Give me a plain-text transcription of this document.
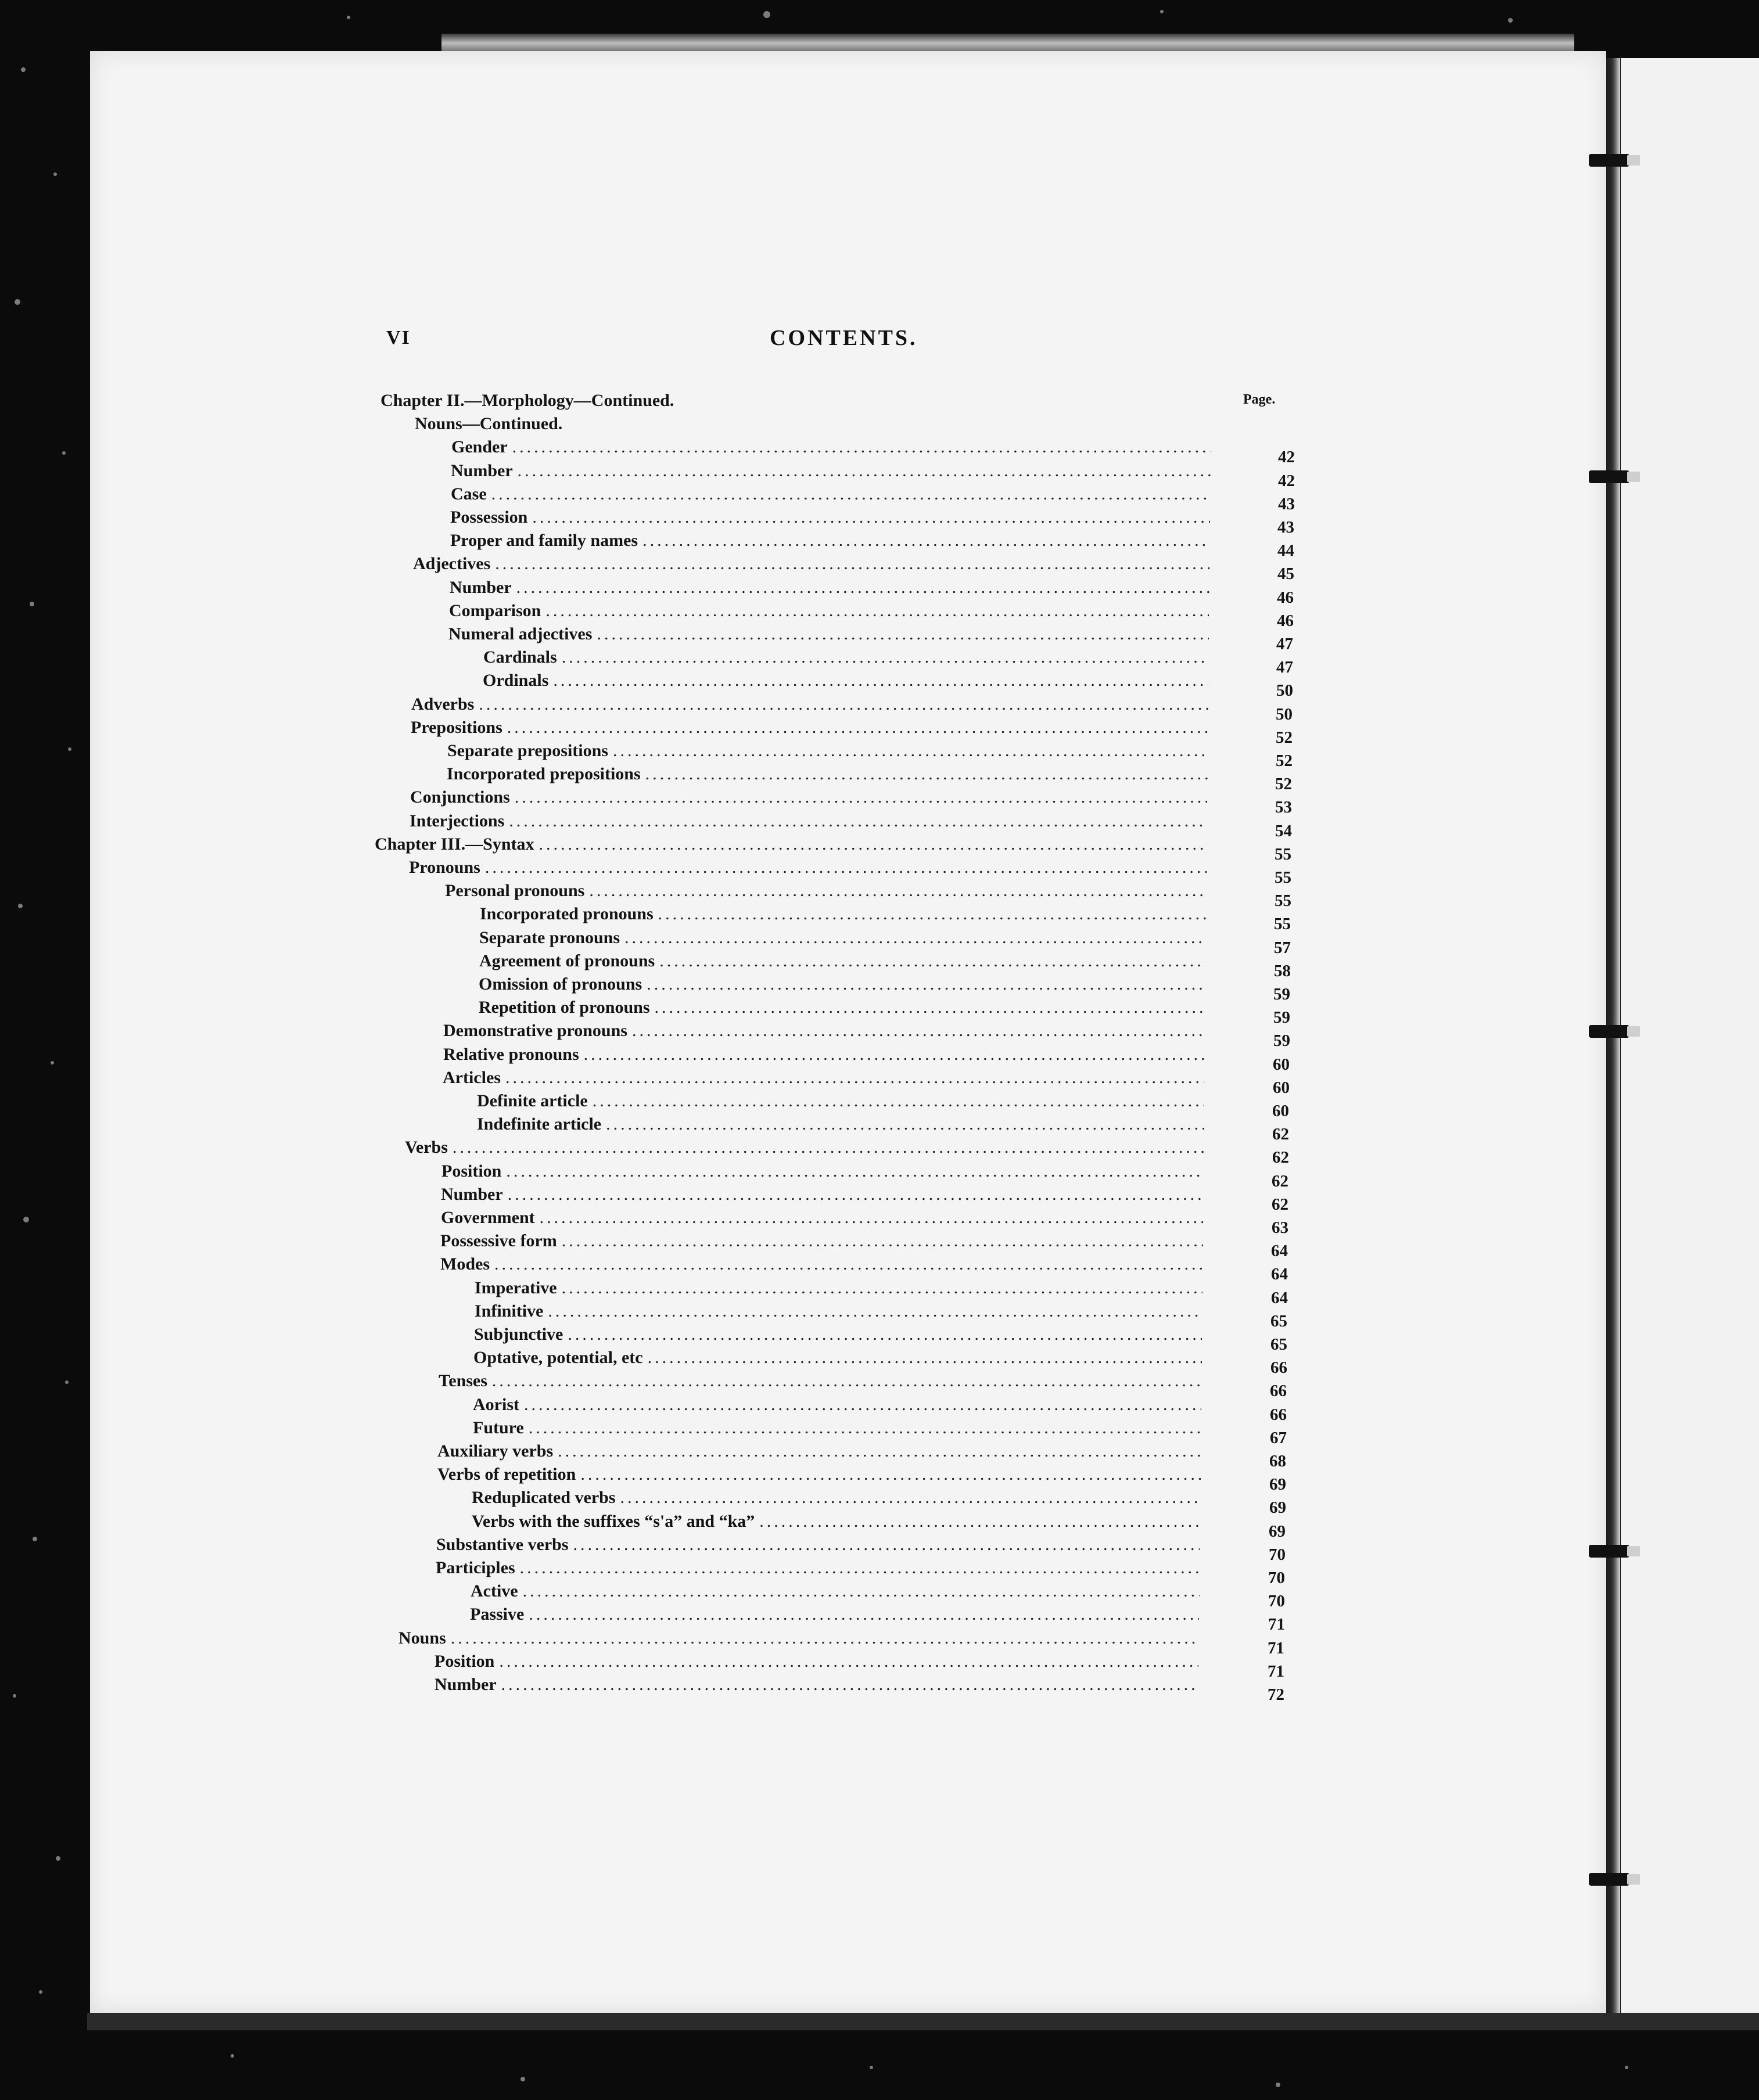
VI	CONTENTS.
Page.
Chapter II.—Morphology—Continued.
Nouns—Continued.
42
Gender
.....
42
Number
.....
43
Case
.....
43
Possession
.....
44
Proper and family names
.....
45
Adjectives
.....
46
Number
.....
46
Comparison
.....
47
Numeral adjectives
.....
47
Cardinals
.....
50
Ordinals
.....
50
Adverbs
.....
52
Prepositions
.....
52
Separate prepositions
.....
52
Incorporated prepositions
.....
53
Conjunctions
.....
54
Interjections
.....
55
Chapter III.—Syntax
.....
55
Pronouns
.....
55
Personal pronouns
.....
55
Incorporated pronouns
.....
57
Separate pronouns
.....
58
Agreement of pronouns
.....
59
Omission of pronouns
.....
59
Repetition of pronouns
.....
59
Demonstrative pronouns
.....
60
Relative pronouns
.....
60
Articles
.....
60
Definite article
.....
62
Indefinite article
.....
62
Verbs
.....
62
Position
.....
62
Number
.....
63
Government
.....
64
Possessive form
.....
64
Modes
.....
64
Imperative
.....
65
Infinitive
.....
65
Subjunctive
.....
66
Optative, potential, etc
.....
66
Tenses
.....
66
Aorist
.....
67
Future
.....
68
Auxiliary verbs
.....
69
Verbs of repetition
.....
69
Reduplicated verbs
.....
69
Verbs with the suffixes “s'a” and “ka”
.....
70
Substantive verbs
.....
70
Participles
.....
70
Active
.....
71
Passive
.....
71
Nouns
.....
71
Position
.....
72
Number
.....
